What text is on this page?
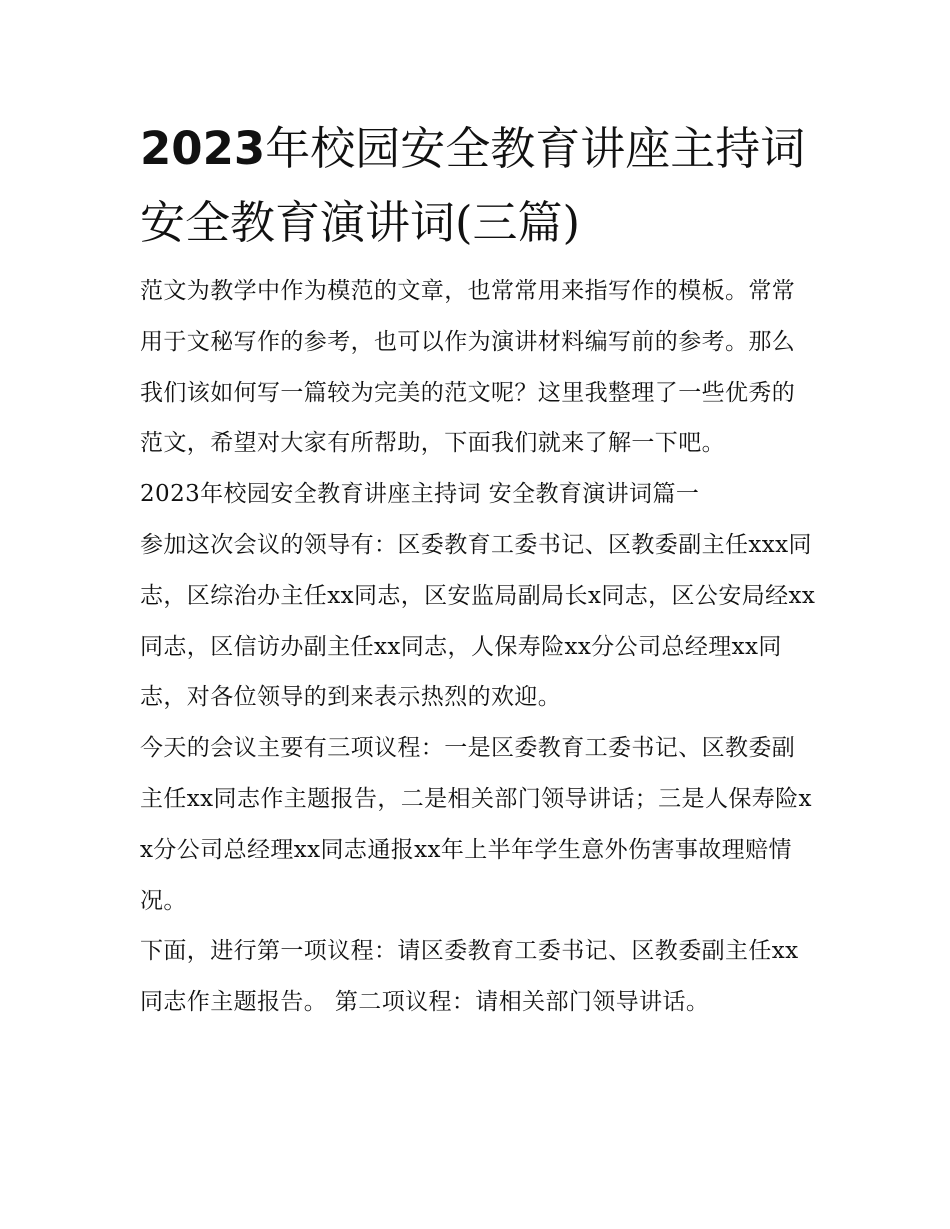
2023年校园安全教育讲座主持词 安全教育演讲词(三篇)

范文为教学中作为模范的文章，也常常用来指写作的模板。常常用于文秘写作的参考，也可以作为演讲材料编写前的参考。那么我们该如何写一篇较为完美的范文呢？这里我整理了一些优秀的范文，希望对大家有所帮助，下面我们就来了解一下吧。

2023年校园安全教育讲座主持词 安全教育演讲词篇一

参加这次会议的领导有：区委教育工委书记、区教委副主任xxx同志，区综治办主任xx同志，区安监局副局长x同志，区公安局经xx同志，区信访办副主任xx同志，人保寿险xx分公司总经理xx同志，对各位领导的到来表示热烈的欢迎。

今天的会议主要有三项议程：一是区委教育工委书记、区教委副主任xx同志作主题报告，二是相关部门领导讲话；三是人保寿险xx分公司总经理xx同志通报xx年上半年学生意外伤害事故理赔情况。

下面，进行第一项议程：请区委教育工委书记、区教委副主任xx同志作主题报告。 第二项议程：请相关部门领导讲话。
